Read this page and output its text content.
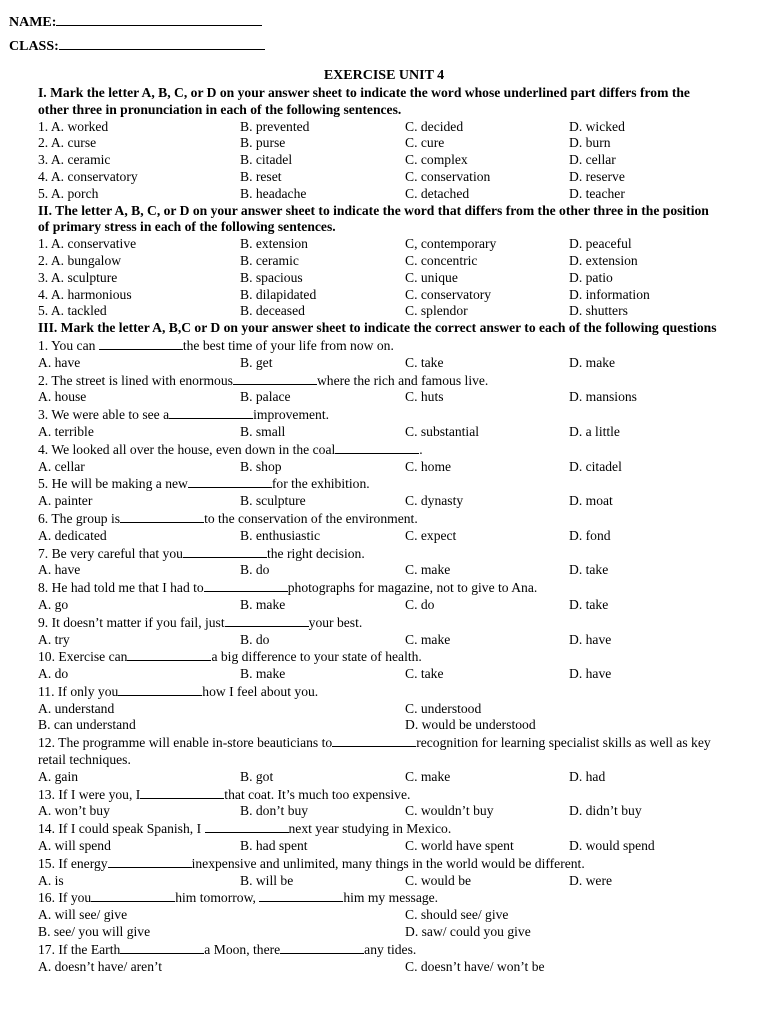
NAME:
CLASS:
EXERCISE UNIT 4
I. Mark the letter A, B, C, or D on your answer sheet to indicate the word whose underlined part differs from the other three in pronunciation in each of the following sentences.
1. A. worked	B. prevented	C. decided	D. wicked
2. A. curse	B. purse	C. cure	D. burn
3. A. ceramic	B. citadel	C. complex	D. cellar
4. A. conservatory	B. reset	C. conservation	D. reserve
5. A. porch	B. headache	C. detached	D. teacher
II. The letter A, B, C, or D on your answer sheet to indicate the word that differs from the other three in the position of primary stress in each of the following sentences.
1. A. conservative	B. extension	C, contemporary	D. peaceful
2. A. bungalow	B. ceramic	C. concentric	D. extension
3. A. sculpture	B. spacious	C. unique	D. patio
4. A. harmonious	B. dilapidated	C. conservatory	D. information
5. A. tackled	B. deceased	C. splendor	D. shutters
III. Mark the letter A, B,C or D on your answer sheet to indicate the correct answer to each of the following questions
1. You can	the best time of your life from now on.
A. have	B. get	C. take	D. make
2. The street is lined with enormous	where the rich and famous live.
A. house	B. palace	C. huts	D. mansions
3. We were able to see a	improvement.
A. terrible	B. small	C. substantial	D. a little
4. We looked all over the house, even down in the coal	.
A. cellar	B. shop	C. home	D. citadel
5. He will be making a new	for the exhibition.
A. painter	B. sculpture	C. dynasty	D. moat
6. The group is	to the conservation of the environment.
A. dedicated	B. enthusiastic	C. expect	D. fond
7. Be very careful that you	the right decision.
A. have	B. do	C. make	D. take
8. He had told me that I had to	photographs for magazine, not to give to Ana.
A. go	B. make	C. do	D. take
9. It doesn’t matter if you fail, just	your best.
A. try	B. do	C. make	D. have
10. Exercise can	a big difference to your state of health.
A. do	B. make	C. take	D. have
11. If only you	how I feel about you.
A. understand	C. understood
B. can understand	D. would be understood
12. The programme will enable in-store beauticians to	recognition for learning specialist skills as well as key retail techniques.
A. gain	B. got	C. make	D. had
13. If I were you, I	that coat. It’s much too expensive.
A. won’t buy	B. don’t buy	C. wouldn’t buy	D. didn’t buy
14. If I could speak Spanish, I	next year studying in Mexico.
A. will spend	B. had spent	C. world have spent	D. would spend
15. If energy	inexpensive and unlimited, many things in the world would be different.
A. is	B. will be	C. would be	D. were
16. If you	him tomorrow,	him my message.
A. will see/ give	C. should see/ give
B. see/ you will give	D. saw/ could you give
17. If the Earth	a Moon, there	any tides.
A. doesn’t have/ aren’t	C. doesn’t have/ won’t be
